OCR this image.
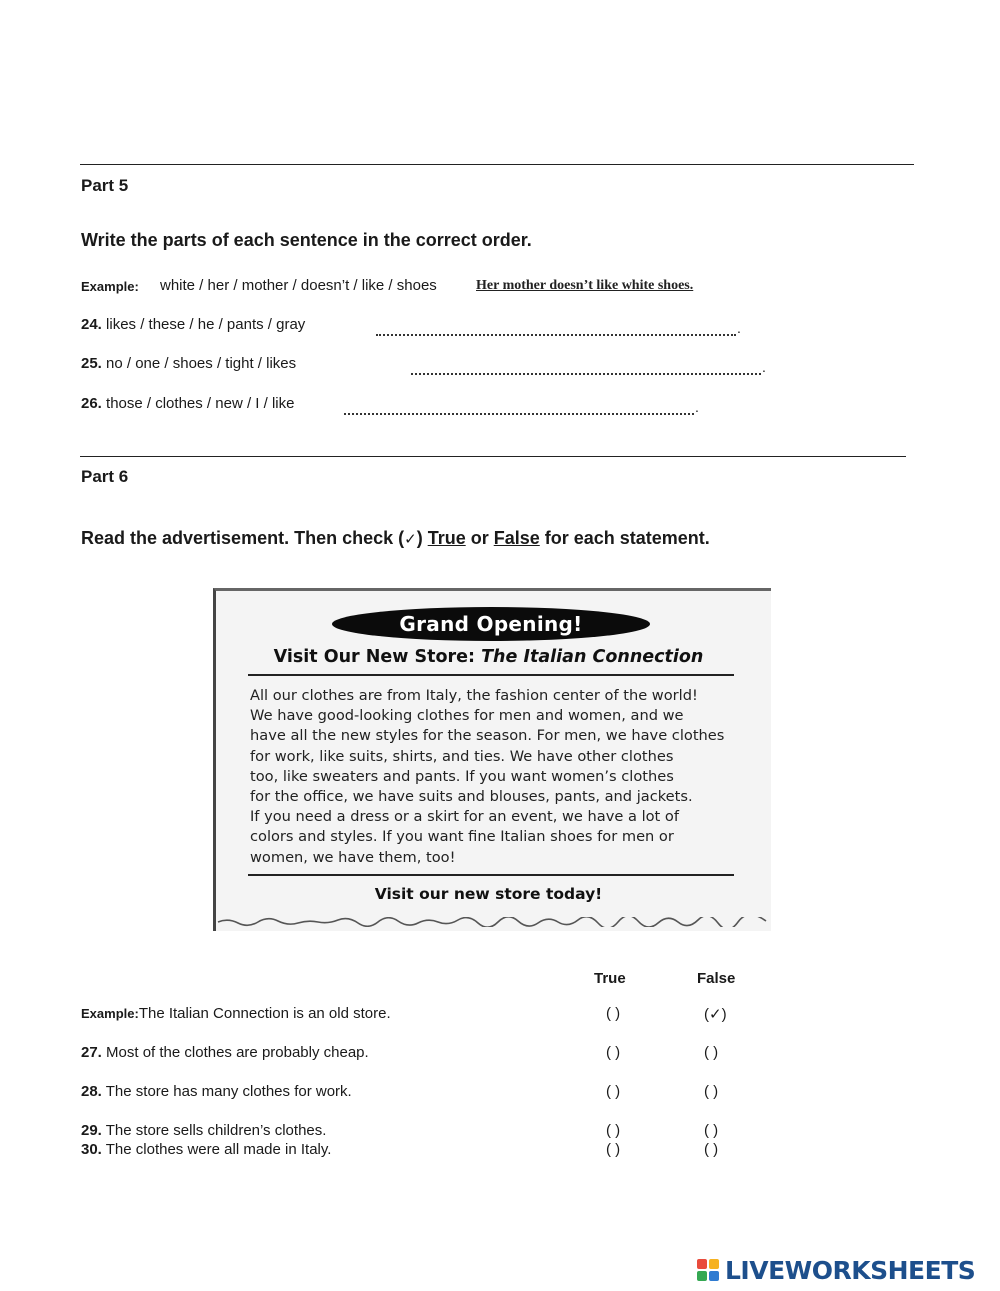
Part 5
Write the parts of each sentence in the correct order.
Example: white / her / mother / doesn’t / like / shoes	Her mother doesn’t like white shoes.
24. likes / these / he / pants / gray	.
25. no / one / shoes / tight / likes	.
26. those / clothes / new / I / like	.
Part 6
Read the advertisement. Then check (✓) True or False for each statement.
Grand Opening!
Visit Our New Store: The Italian Connection
All our clothes are from Italy, the fashion center of the world!
We have good-looking clothes for men and women, and we
have all the new styles for the season. For men, we have clothes
for work, like suits, shirts, and ties. We have other clothes
too, like sweaters and pants. If you want women’s clothes
for the office, we have suits and blouses, pants, and jackets.
If you need a dress or a skirt for an event, we have a lot of
colors and styles. If you want fine Italian shoes for men or
women, we have them, too!
Visit our new store today!
True	False
Example:The Italian Connection is an old store.	( )	(✓)
27. Most of the clothes are probably cheap.	( )	( )
28. The store has many clothes for work.	( )	( )
29. The store sells children’s clothes.	( )	( )
30. The clothes were all made in Italy.	( )	( )
LIVEWORKSHEETS
